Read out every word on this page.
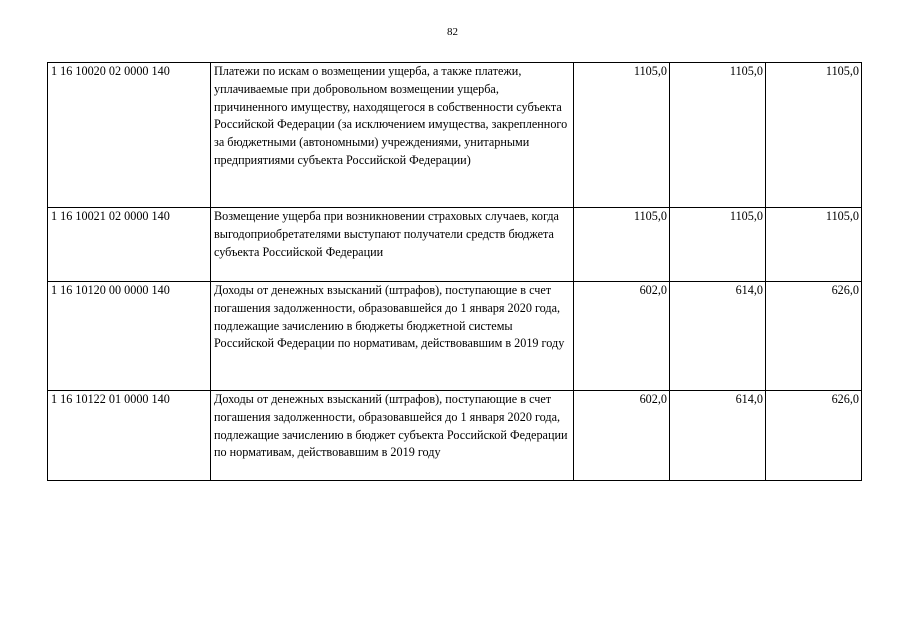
82
1 16 10020 02 0000 140	Платежи по искам о возмещении ущерба, а также платежи, уплачиваемые при добровольном возмещении ущерба, причиненного имуществу, находящегося в собственности субъекта Российской Федерации (за исключением имущества, закрепленного за бюджетными (автономными) учреждениями, унитарными предприятиями субъекта Российской Федерации)	1105,0	1105,0	1105,0
1 16 10021 02 0000 140	Возмещение ущерба при возникновении страховых случаев, когда выгодоприобретателями выступают получатели средств бюджета субъекта Российской Федерации	1105,0	1105,0	1105,0
1 16 10120 00 0000 140	Доходы от денежных взысканий (штрафов), поступающие в счет погашения задолженности, образовавшейся до 1 января 2020 года, подлежащие зачислению в бюджеты бюджетной системы Российской Федерации по нормативам, действовавшим в 2019 году	602,0	614,0	626,0
1 16 10122 01 0000 140	Доходы от денежных взысканий (штрафов), поступающие в счет погашения задолженности, образовавшейся до 1 января 2020 года, подлежащие зачислению в бюджет субъекта Российской Федерации по нормативам, действовавшим в 2019 году	602,0	614,0	626,0
